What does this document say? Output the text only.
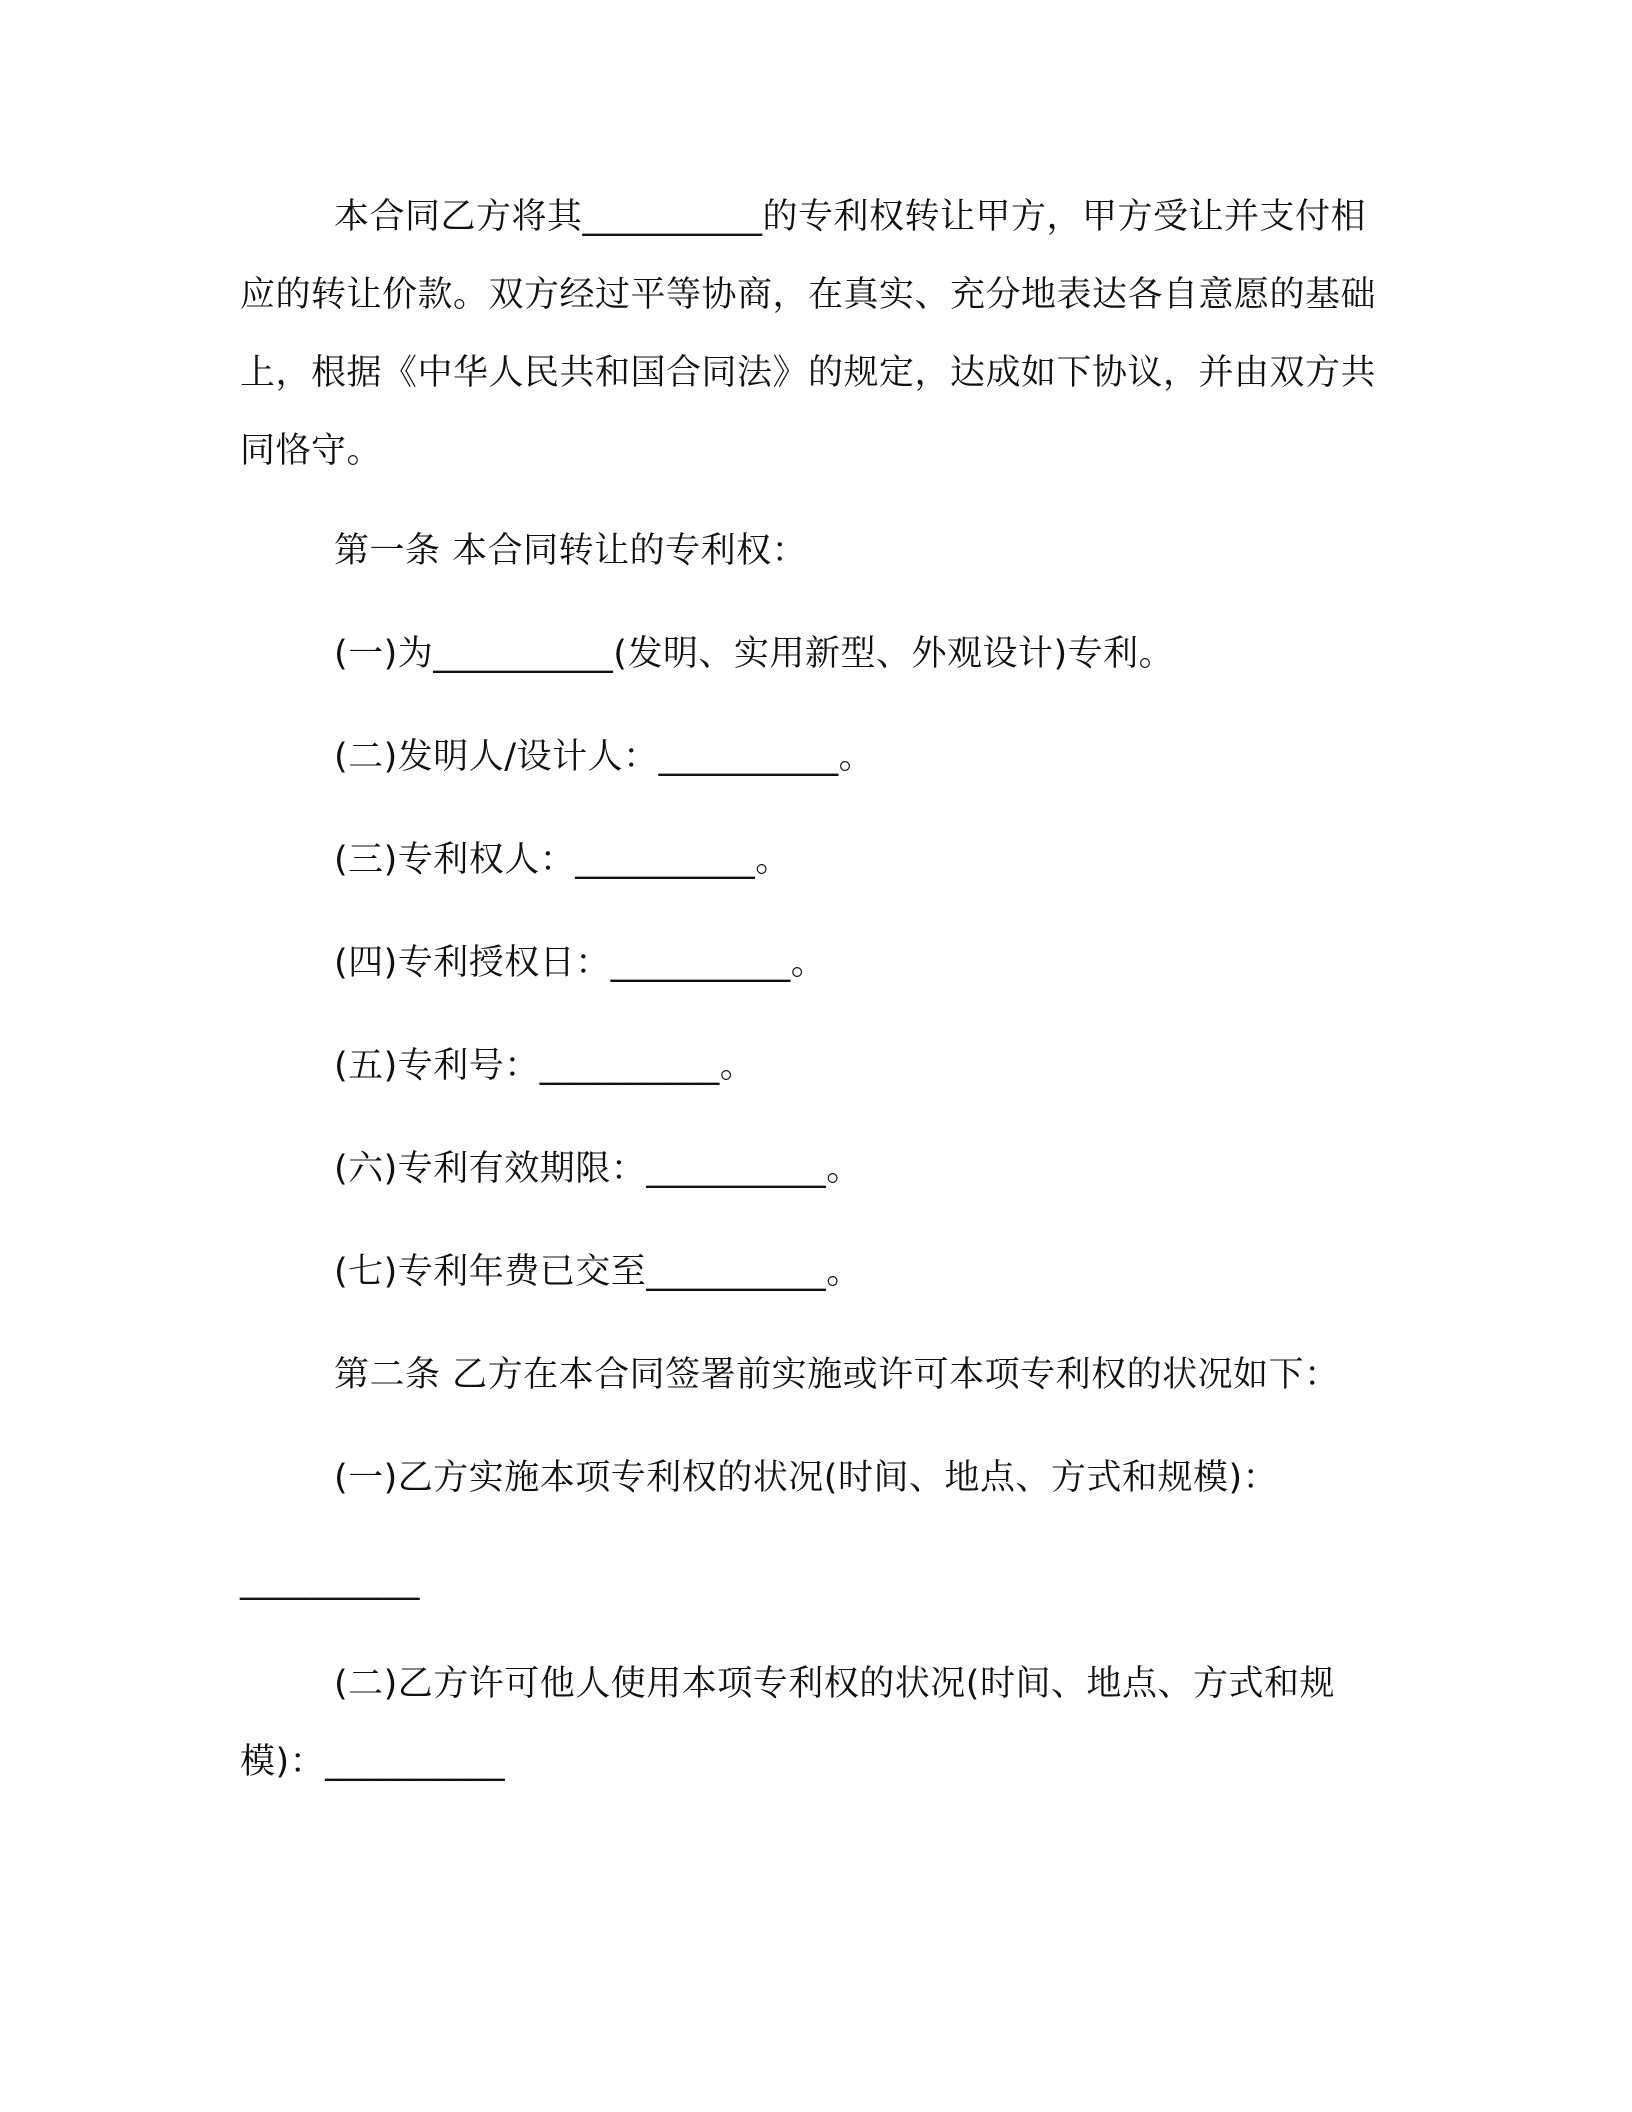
本合同乙方将其__________的专利权转让甲方，甲方受让并支付相应的转让价款。双方经过平等协商，在真实、充分地表达各自意愿的基础上，根据《中华人民共和国合同法》的规定，达成如下协议，并由双方共同恪守。

第一条 本合同转让的专利权：

(一)为__________(发明、实用新型、外观设计)专利。

(二)发明人/设计人：__________。

(三)专利权人：__________。

(四)专利授权日：__________。

(五)专利号：__________。

(六)专利有效期限：__________。

(七)专利年费已交至__________。

第二条 乙方在本合同签署前实施或许可本项专利权的状况如下：

(一)乙方实施本项专利权的状况(时间、地点、方式和规模)：

__________

(二)乙方许可他人使用本项专利权的状况(时间、地点、方式和规

模)：__________
